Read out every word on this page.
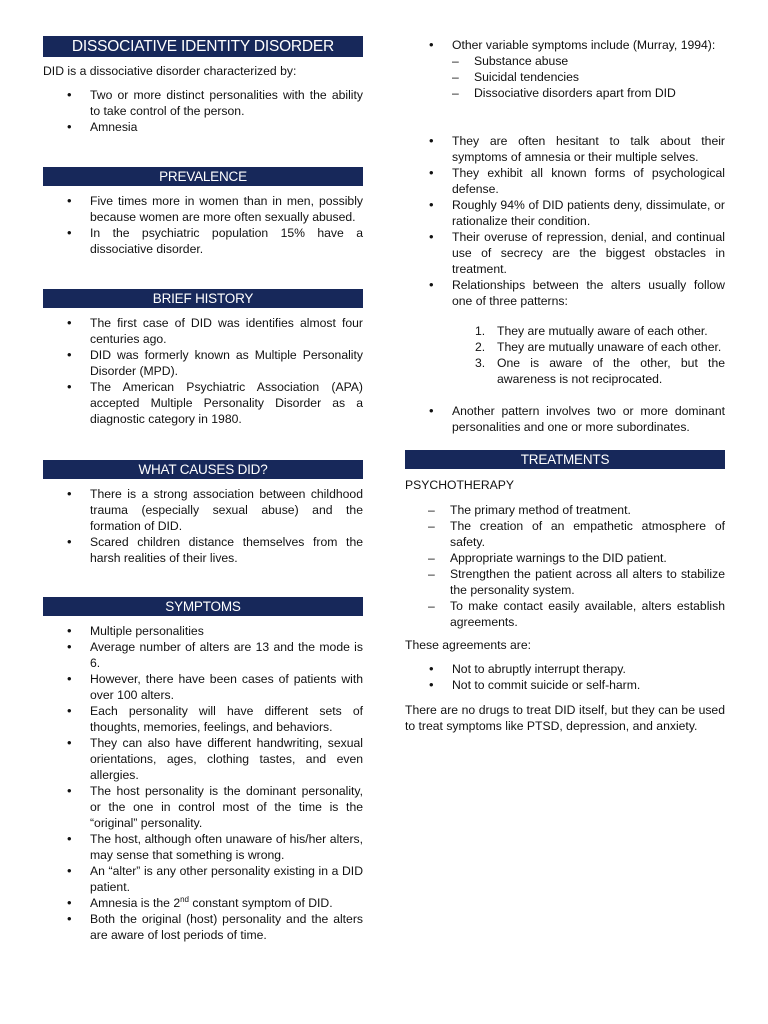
DISSOCIATIVE IDENTITY DISORDER

DID is a dissociative disorder characterized by:

• Two or more distinct personalities with the ability to take control of the person.
• Amnesia
PREVALENCE
• Five times more in women than in men, possibly because women are more often sexually abused.
• In the psychiatric population 15% have a dissociative disorder.
BRIEF HISTORY
• The first case of DID was identifies almost four centuries ago.
• DID was formerly known as Multiple Personality Disorder (MPD).
• The American Psychiatric Association (APA) accepted Multiple Personality Disorder as a diagnostic category in 1980.
WHAT CAUSES DID?
• There is a strong association between childhood trauma (especially sexual abuse) and the formation of DID.
• Scared children distance themselves from the harsh realities of their lives.
SYMPTOMS
• Multiple personalities
• Average number of alters are 13 and the mode is 6.
• However, there have been cases of patients with over 100 alters.
• Each personality will have different sets of thoughts, memories, feelings, and behaviors.
• They can also have different handwriting, sexual orientations, ages, clothing tastes, and even allergies.
• The host personality is the dominant personality, or the one in control most of the time is the “original” personality.
• The host, although often unaware of his/her alters, may sense that something is wrong.
• An “alter” is any other personality existing in a DID patient.
• Amnesia is the 2nd constant symptom of DID.
• Both the original (host) personality and the alters are aware of lost periods of time.
• Other variable symptoms include (Murray, 1994):
– Substance abuse
– Suicidal tendencies
– Dissociative disorders apart from DID
• They are often hesitant to talk about their symptoms of amnesia or their multiple selves.
• They exhibit all known forms of psychological defense.
• Roughly 94% of DID patients deny, dissimulate, or rationalize their condition.
• Their overuse of repression, denial, and continual use of secrecy are the biggest obstacles in treatment.
• Relationships between the alters usually follow one of three patterns:
1. They are mutually aware of each other.
2. They are mutually unaware of each other.
3. One is aware of the other, but the awareness is not reciprocated.
• Another pattern involves two or more dominant personalities and one or more subordinates.
TREATMENTS

PSYCHOTHERAPY

– The primary method of treatment.
– The creation of an empathetic atmosphere of safety.
– Appropriate warnings to the DID patient.
– Strengthen the patient across all alters to stabilize the personality system.
– To make contact easily available, alters establish agreements.

These agreements are:

• Not to abruptly interrupt therapy.
• Not to commit suicide or self-harm.

There are no drugs to treat DID itself, but they can be used to treat symptoms like PTSD, depression, and anxiety.
